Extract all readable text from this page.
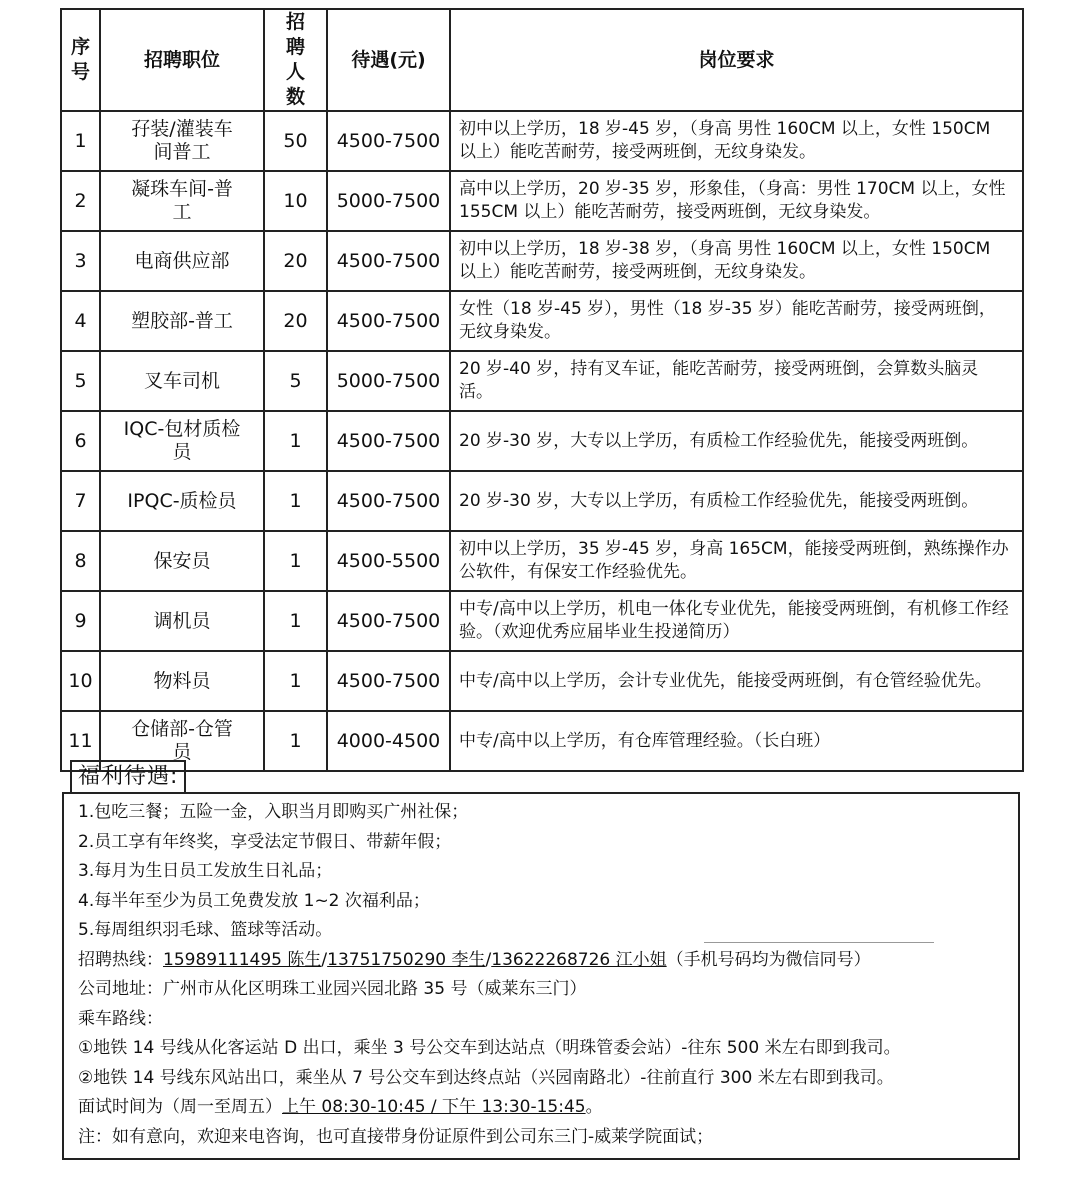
序号	招聘职位	招聘人数	待遇(元)	岗位要求
1	孖装/灌装车间普工	50	4500-7500	初中以上学历，18 岁-45 岁，（身高 男性 160CM 以上，女性 150CM 以上）能吃苦耐劳，接受两班倒，无纹身染发。
2	凝珠车间-普工	10	5000-7500	高中以上学历，20 岁-35 岁，形象佳，（身高：男性 170CM 以上，女性 155CM 以上）能吃苦耐劳，接受两班倒，无纹身染发。
3	电商供应部	20	4500-7500	初中以上学历，18 岁-38 岁，（身高 男性 160CM 以上，女性 150CM 以上）能吃苦耐劳，接受两班倒，无纹身染发。
4	塑胶部-普工	20	4500-7500	女性（18 岁-45 岁），男性（18 岁-35 岁）能吃苦耐劳，接受两班倒，无纹身染发。
5	叉车司机	5	5000-7500	20 岁-40 岁，持有叉车证，能吃苦耐劳，接受两班倒，会算数头脑灵活。
6	IQC-包材质检员	1	4500-7500	20 岁-30 岁，大专以上学历，有质检工作经验优先，能接受两班倒。
7	IPQC-质检员	1	4500-7500	20 岁-30 岁，大专以上学历，有质检工作经验优先，能接受两班倒。
8	保安员	1	4500-5500	初中以上学历，35 岁-45 岁，身高 165CM，能接受两班倒，熟练操作办公软件，有保安工作经验优先。
9	调机员	1	4500-7500	中专/高中以上学历，机电一体化专业优先，能接受两班倒，有机修工作经验。（欢迎优秀应届毕业生投递简历）
10	物料员	1	4500-7500	中专/高中以上学历，会计专业优先，能接受两班倒，有仓管经验优先。
11	仓储部-仓管员	1	4000-4500	中专/高中以上学历，有仓库管理经验。（长白班）
福利待遇:
1.包吃三餐；五险一金，入职当月即购买广州社保；
2.员工享有年终奖，享受法定节假日、带薪年假；
3.每月为生日员工发放生日礼品；
4.每半年至少为员工免费发放 1~2 次福利品；
5.每周组织羽毛球、篮球等活动。
招聘热线：15989111495 陈生/13751750290 李生/13622268726 江小姐（手机号码均为微信同号）
公司地址：广州市从化区明珠工业园兴园北路 35 号（威莱东三门）
乘车路线：
①地铁 14 号线从化客运站 D 出口，乘坐 3 号公交车到达站点（明珠管委会站）-往东 500 米左右即到我司。
②地铁 14 号线东风站出口，乘坐从 7 号公交车到达终点站（兴园南路北）-往前直行 300 米左右即到我司。
面试时间为（周一至周五）上午 08:30-10:45 / 下午 13:30-15:45。
注：如有意向，欢迎来电咨询，也可直接带身份证原件到公司东三门-威莱学院面试；
